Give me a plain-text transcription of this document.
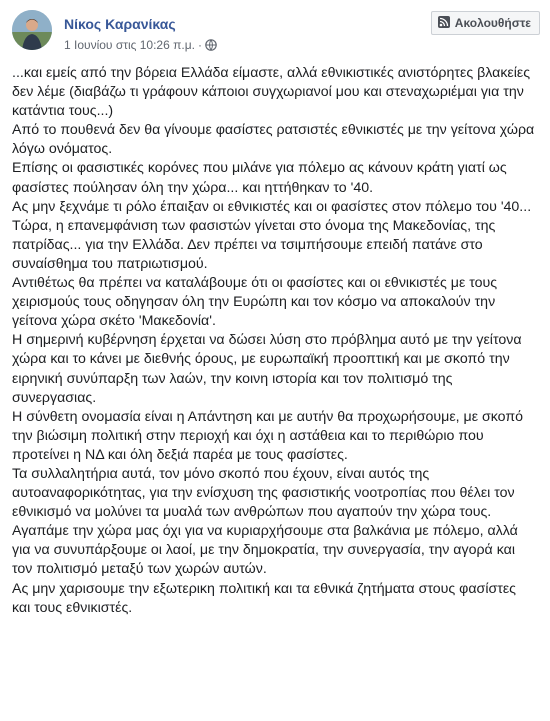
Νίκος Καρανίκας
1 Ιουνίου στις 10:26 π.μ. ·
Ακολουθήστε

...και εμείς από την βόρεια Ελλάδα είμαστε, αλλά εθνικιστικές ανιστόρητες βλακείες δεν λέμε (διαβάζω τι γράφουν κάποιοι συγχωριανοί μου και στεναχωριέμαι για την κατάντια τους...)

Από το πουθενά δεν θα γίνουμε φασίστες ρατσιστές εθνικιστές με την γείτονα χώρα λόγω ονόματος.

Επίσης οι φασιστικές κορόνες που μιλάνε για πόλεμο ας κάνουν κράτη γιατί ως φασίστες πούλησαν όλη την χώρα... και ηττήθηκαν το '40.

Ας μην ξεχνάμε τι ρόλο έπαιξαν οι εθνικιστές και οι φασίστες στον πόλεμο του '40...

Τώρα, η επανεμφάνιση των φασιστών γίνεται στο όνομα της Μακεδονίας, της πατρίδας... για την Ελλάδα. Δεν πρέπει να τσιμπήσουμε επειδή πατάνε στο συναίσθημα του πατριωτισμού.

Αντιθέτως θα πρέπει να καταλάβουμε ότι οι φασίστες και οι εθνικιστές με τους χειρισμούς τους οδηγησαν όλη την Ευρώπη και τον κόσμο να αποκαλούν την γείτονα χώρα σκέτο 'Μακεδονία'.

Η σημερινή κυβέρνηση έρχεται να δώσει λύση στο πρόβλημα αυτό με την γείτονα χώρα και το κάνει με διεθνής όρους, με ευρωπαϊκή προοπτική και με σκοπό την ειρηνική συνύπαρξη των λαών, την κοινη ιστορία και τον πολιτισμό της συνεργασιας.

Η σύνθετη ονομασία είναι η Απάντηση και με αυτήν θα προχωρήσουμε, με σκοπό την βιώσιμη πολιτική στην περιοχή και όχι η αστάθεια και το περιθώριο που προτείνει η ΝΔ και όλη δεξιά παρέα με τους φασίστες.

Τα συλλαλητήρια αυτά, τον μόνο σκοπό που έχουν, είναι αυτός της αυτοαναφορικότητας, για την ενίσχυση της φασιστικής νοοτροπίας που θέλει τον εθνικισμό να μολύνει τα μυαλά των ανθρώπων που αγαπούν την χώρα τους.

Αγαπάμε την χώρα μας όχι για να κυριαρχήσουμε στα βαλκάνια με πόλεμο, αλλά για να συνυπάρξουμε οι λαοί, με την δημοκρατία, την συνεργασία, την αγορά και τον πολιτισμό μεταξύ των χωρών αυτών.

Ας μην χαρισουμε την εξωτερικη πολιτική και τα εθνικά ζητήματα στους φασίστες και τους εθνικιστές.
